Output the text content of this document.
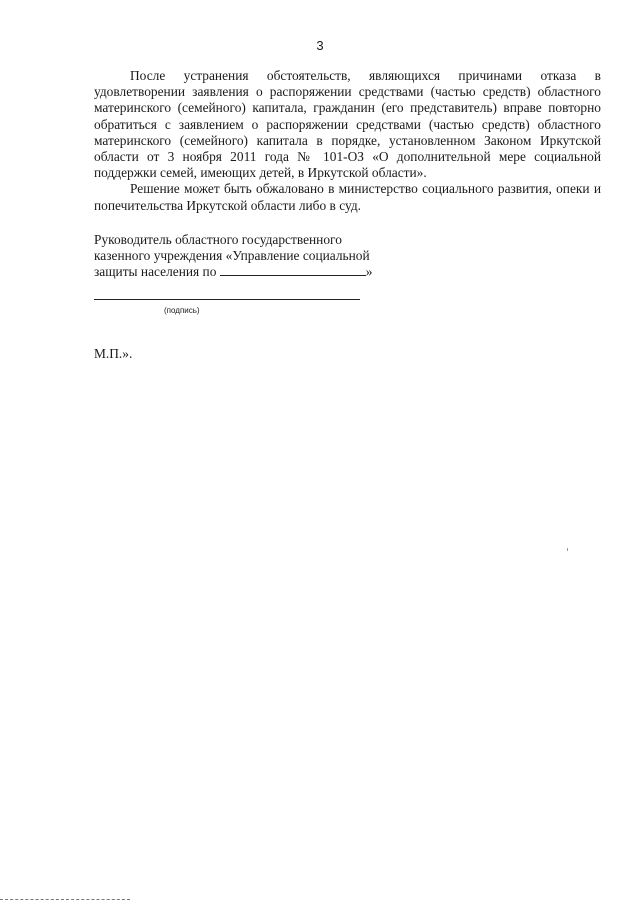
3

После устранения обстоятельств, являющихся причинами отказа в удовлетворении заявления о распоряжении средствами (частью средств) областного материнского (семейного) капитала, гражданин (его представитель) вправе повторно обратиться с заявлением о распоряжении средствами (частью средств) областного материнского (семейного) капитала в порядке, установленном Законом Иркутской области от 3 ноября 2011 года № 101-ОЗ «О дополнительной мере социальной поддержки семей, имеющих детей, в Иркутской области».

Решение может быть обжаловано в министерство социального развития, опеки и попечительства Иркутской области либо в суд.

Руководитель областного государственного
казенного учреждения «Управление социальной
защиты населения по	»
(подпись)
М.П.».
